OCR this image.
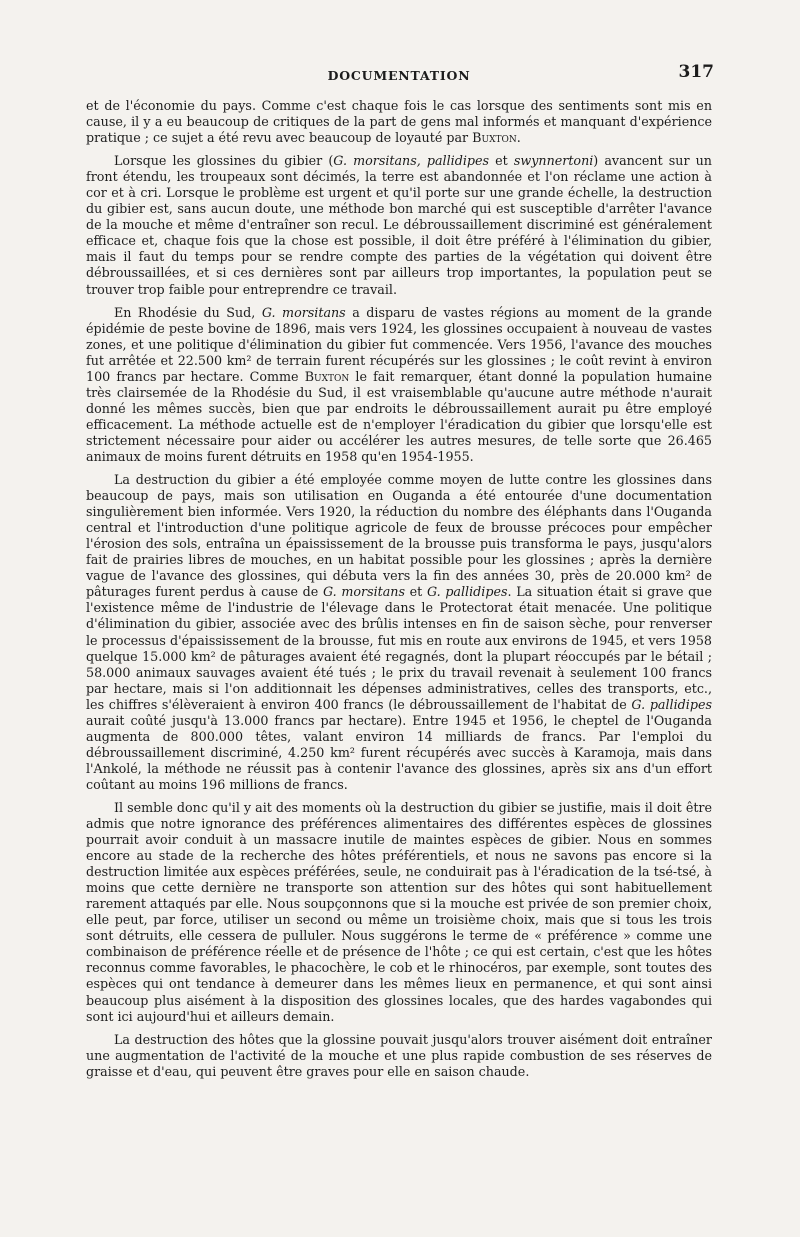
DOCUMENTATION	317

et de l'économie du pays. Comme c'est chaque fois le cas lorsque des sentiments sont mis en cause, il y a eu beaucoup de critiques de la part de gens mal informés et manquant d'expérience pratique ; ce sujet a été revu avec beaucoup de loyauté par Buxton.

Lorsque les glossines du gibier (G. morsitans, pallidipes et swynnertoni) avancent sur un front étendu, les troupeaux sont décimés, la terre est abandonnée et l'on réclame une action à cor et à cri. Lorsque le problème est urgent et qu'il porte sur une grande échelle, la destruction du gibier est, sans aucun doute, une méthode bon marché qui est susceptible d'arrêter l'avance de la mouche et même d'entraîner son recul. Le débroussaillement discriminé est généralement efficace et, chaque fois que la chose est possible, il doit être préféré à l'élimination du gibier, mais il faut du temps pour se rendre compte des parties de la végétation qui doivent être débroussaillées, et si ces dernières sont par ailleurs trop importantes, la population peut se trouver trop faible pour entreprendre ce travail.

En Rhodésie du Sud, G. morsitans a disparu de vastes régions au moment de la grande épidémie de peste bovine de 1896, mais vers 1924, les glossines occupaient à nouveau de vastes zones, et une politique d'élimination du gibier fut commencée. Vers 1956, l'avance des mouches fut arrêtée et 22.500 km² de terrain furent récupérés sur les glossines ; le coût revint à environ 100 francs par hectare. Comme Buxton le fait remarquer, étant donné la population humaine très clairsemée de la Rhodésie du Sud, il est vraisemblable qu'aucune autre méthode n'aurait donné les mêmes succès, bien que par endroits le débroussaillement aurait pu être employé efficacement. La méthode actuelle est de n'employer l'éradication du gibier que lorsqu'elle est strictement nécessaire pour aider ou accélérer les autres mesures, de telle sorte que 26.465 animaux de moins furent détruits en 1958 qu'en 1954-1955.

La destruction du gibier a été employée comme moyen de lutte contre les glossines dans beaucoup de pays, mais son utilisation en Ouganda a été entourée d'une documentation singulièrement bien informée. Vers 1920, la réduction du nombre des éléphants dans l'Ouganda central et l'introduction d'une politique agricole de feux de brousse précoces pour empêcher l'érosion des sols, entraîna un épaississement de la brousse puis transforma le pays, jusqu'alors fait de prairies libres de mouches, en un habitat possible pour les glossines ; après la dernière vague de l'avance des glossines, qui débuta vers la fin des années 30, près de 20.000 km² de pâturages furent perdus à cause de G. morsitans et G. pallidipes. La situation était si grave que l'existence même de l'industrie de l'élevage dans le Protectorat était menacée. Une politique d'élimination du gibier, associée avec des brûlis intenses en fin de saison sèche, pour renverser le processus d'épaississement de la brousse, fut mis en route aux environs de 1945, et vers 1958 quelque 15.000 km² de pâturages avaient été regagnés, dont la plupart réoccupés par le bétail ; 58.000 animaux sauvages avaient été tués ; le prix du travail revenait à seulement 100 francs par hectare, mais si l'on additionnait les dépenses administratives, celles des transports, etc., les chiffres s'élèveraient à environ 400 francs (le débroussaillement de l'habitat de G. pallidipes aurait coûté jusqu'à 13.000 francs par hectare). Entre 1945 et 1956, le cheptel de l'Ouganda augmenta de 800.000 têtes, valant environ 14 milliards de francs. Par l'emploi du débroussaillement discriminé, 4.250 km² furent récupérés avec succès à Karamoja, mais dans l'Ankolé, la méthode ne réussit pas à contenir l'avance des glossines, après six ans d'un effort coûtant au moins 196 millions de francs.

Il semble donc qu'il y ait des moments où la destruction du gibier se justifie, mais il doit être admis que notre ignorance des préférences alimentaires des différentes espèces de glossines pourrait avoir conduit à un massacre inutile de maintes espèces de gibier. Nous en sommes encore au stade de la recherche des hôtes préférentiels, et nous ne savons pas encore si la destruction limitée aux espèces préférées, seule, ne conduirait pas à l'éradication de la tsé-tsé, à moins que cette dernière ne transporte son attention sur des hôtes qui sont habituellement rarement attaqués par elle. Nous soupçonnons que si la mouche est privée de son premier choix, elle peut, par force, utiliser un second ou même un troisième choix, mais que si tous les trois sont détruits, elle cessera de pulluler. Nous suggérons le terme de « préférence » comme une combinaison de préférence réelle et de présence de l'hôte ; ce qui est certain, c'est que les hôtes reconnus comme favorables, le phacochère, le cob et le rhinocéros, par exemple, sont toutes des espèces qui ont tendance à demeurer dans les mêmes lieux en permanence, et qui sont ainsi beaucoup plus aisément à la disposition des glossines locales, que des hardes vagabondes qui sont ici aujourd'hui et ailleurs demain.

La destruction des hôtes que la glossine pouvait jusqu'alors trouver aisément doit entraîner une augmentation de l'activité de la mouche et une plus rapide combustion de ses réserves de graisse et d'eau, qui peuvent être graves pour elle en saison chaude.
